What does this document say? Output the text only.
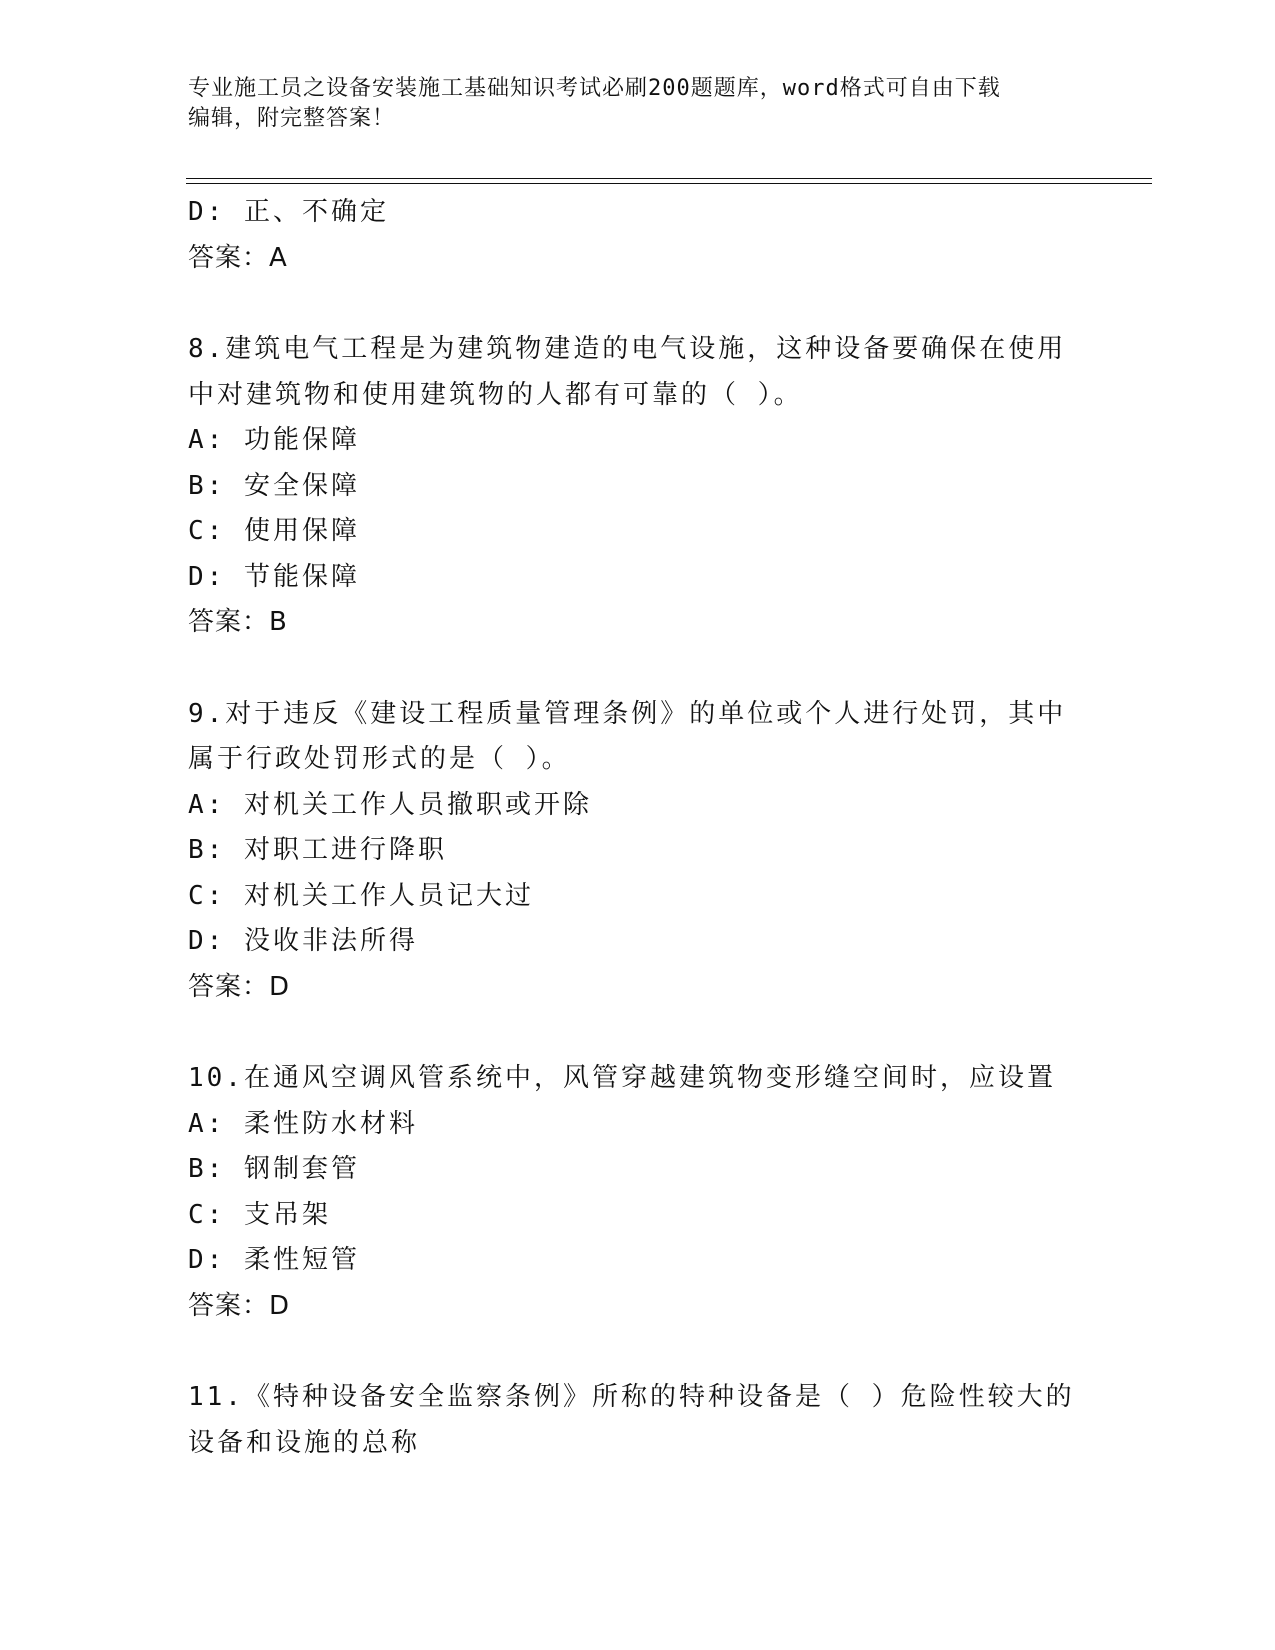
专业施工员之设备安装施工基础知识考试必刷200题题库，word格式可自由下载
编辑，附完整答案！
D: 正、不确定
答案：A
8.建筑电气工程是为建筑物建造的电气设施，这种设备要确保在使用
中对建筑物和使用建筑物的人都有可靠的（ ）。
A: 功能保障
B: 安全保障
C: 使用保障
D: 节能保障
答案：B
9.对于违反《建设工程质量管理条例》的单位或个人进行处罚，其中
属于行政处罚形式的是（ ）。
A: 对机关工作人员撤职或开除
B: 对职工进行降职
C: 对机关工作人员记大过
D: 没收非法所得
答案：D
10.在通风空调风管系统中，风管穿越建筑物变形缝空间时，应设置
A: 柔性防水材料
B: 钢制套管
C: 支吊架
D: 柔性短管
答案：D
11.《特种设备安全监察条例》所称的特种设备是（ ）危险性较大的
设备和设施的总称
